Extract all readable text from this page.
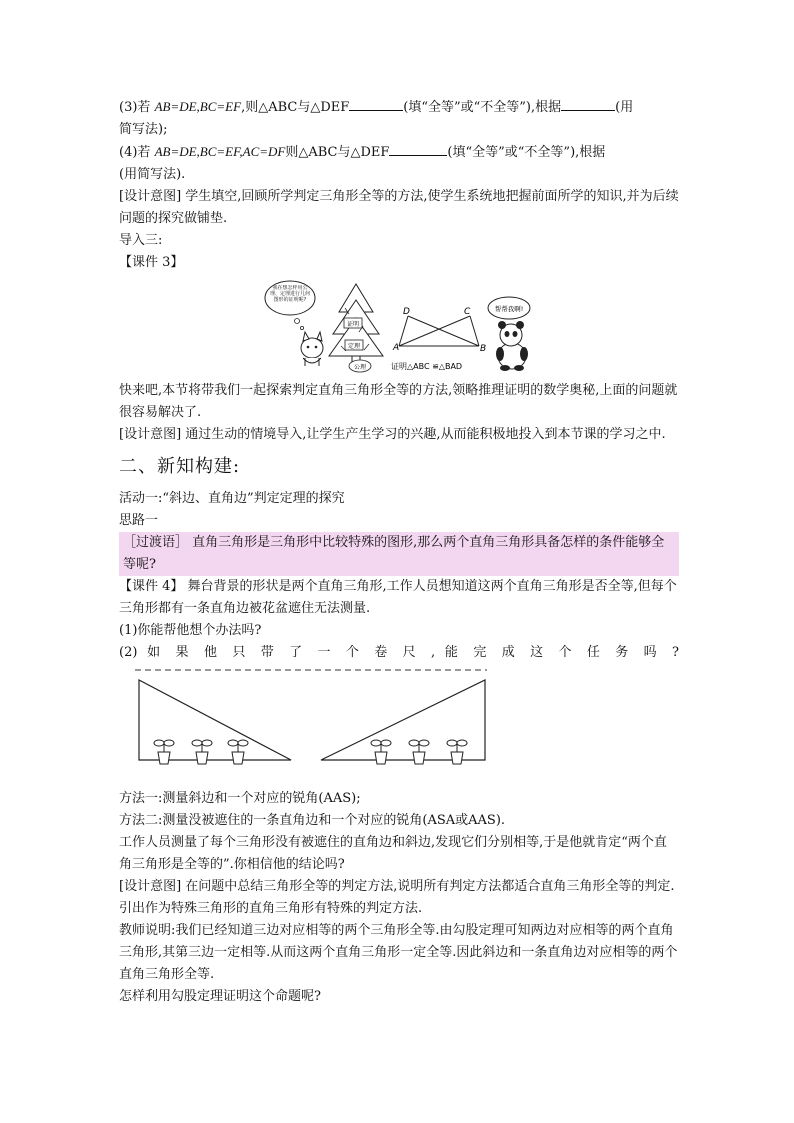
(3)若 AB=DE,BC=EF,则△ABC与△DEF	(填“全等”或“不全等”),根据	(用
简写法);

(4)若 AB=DE,BC=EF,AC=DF则△ABC与△DEF	(填“全等”或“不全等”),根据
(用简写法).

[设计意图] 学生填空,回顾所学判定三角形全等的方法,使学生系统地把握前面所学的知识,并为后续问题的探究做铺垫.

导入三:

【课件 3】

我在想怎样用公理、定理进行几何图形的证明呢?
证明
定理
公理
A	B
C
D
证明△ABC ≌△BAD
帮帮我啊!

快来吧,本节将带我们一起探索判定直角三角形全等的方法,领略推理证明的数学奥秘,上面的问题就很容易解决了.

[设计意图] 通过生动的情境导入,让学生产生学习的兴趣,从而能积极地投入到本节课的学习之中.

二、新知构建:

活动一:“斜边、直角边”判定定理的探究

思路一

［过渡语］ 直角三角形是三角形中比较特殊的图形,那么两个直角三角形具备怎样的条件能够全等呢?

【课件 4】 舞台背景的形状是两个直角三角形,工作人员想知道这两个直角三角形是否全等,但每个三角形都有一条直角边被花盆遮住无法测量.

(1)你能帮他想个办法吗?

(2) 如 果 他 只 带 了 一 个 卷 尺 , 能 完 成 这 个 任 务 吗 ?

方法一:测量斜边和一个对应的锐角(AAS);

方法二:测量没被遮住的一条直角边和一个对应的锐角(ASA或AAS).

工作人员测量了每个三角形没有被遮住的直角边和斜边,发现它们分别相等,于是他就肯定“两个直角三角形是全等的”.你相信他的结论吗?

[设计意图] 在问题中总结三角形全等的判定方法,说明所有判定方法都适合直角三角形全等的判定.

引出作为特殊三角形的直角三角形有特殊的判定方法.

教师说明:我们已经知道三边对应相等的两个三角形全等.由勾股定理可知两边对应相等的两个直角三角形,其第三边一定相等.从而这两个直角三角形一定全等.因此斜边和一条直角边对应相等的两个直角三角形全等.

怎样利用勾股定理证明这个命题呢?
